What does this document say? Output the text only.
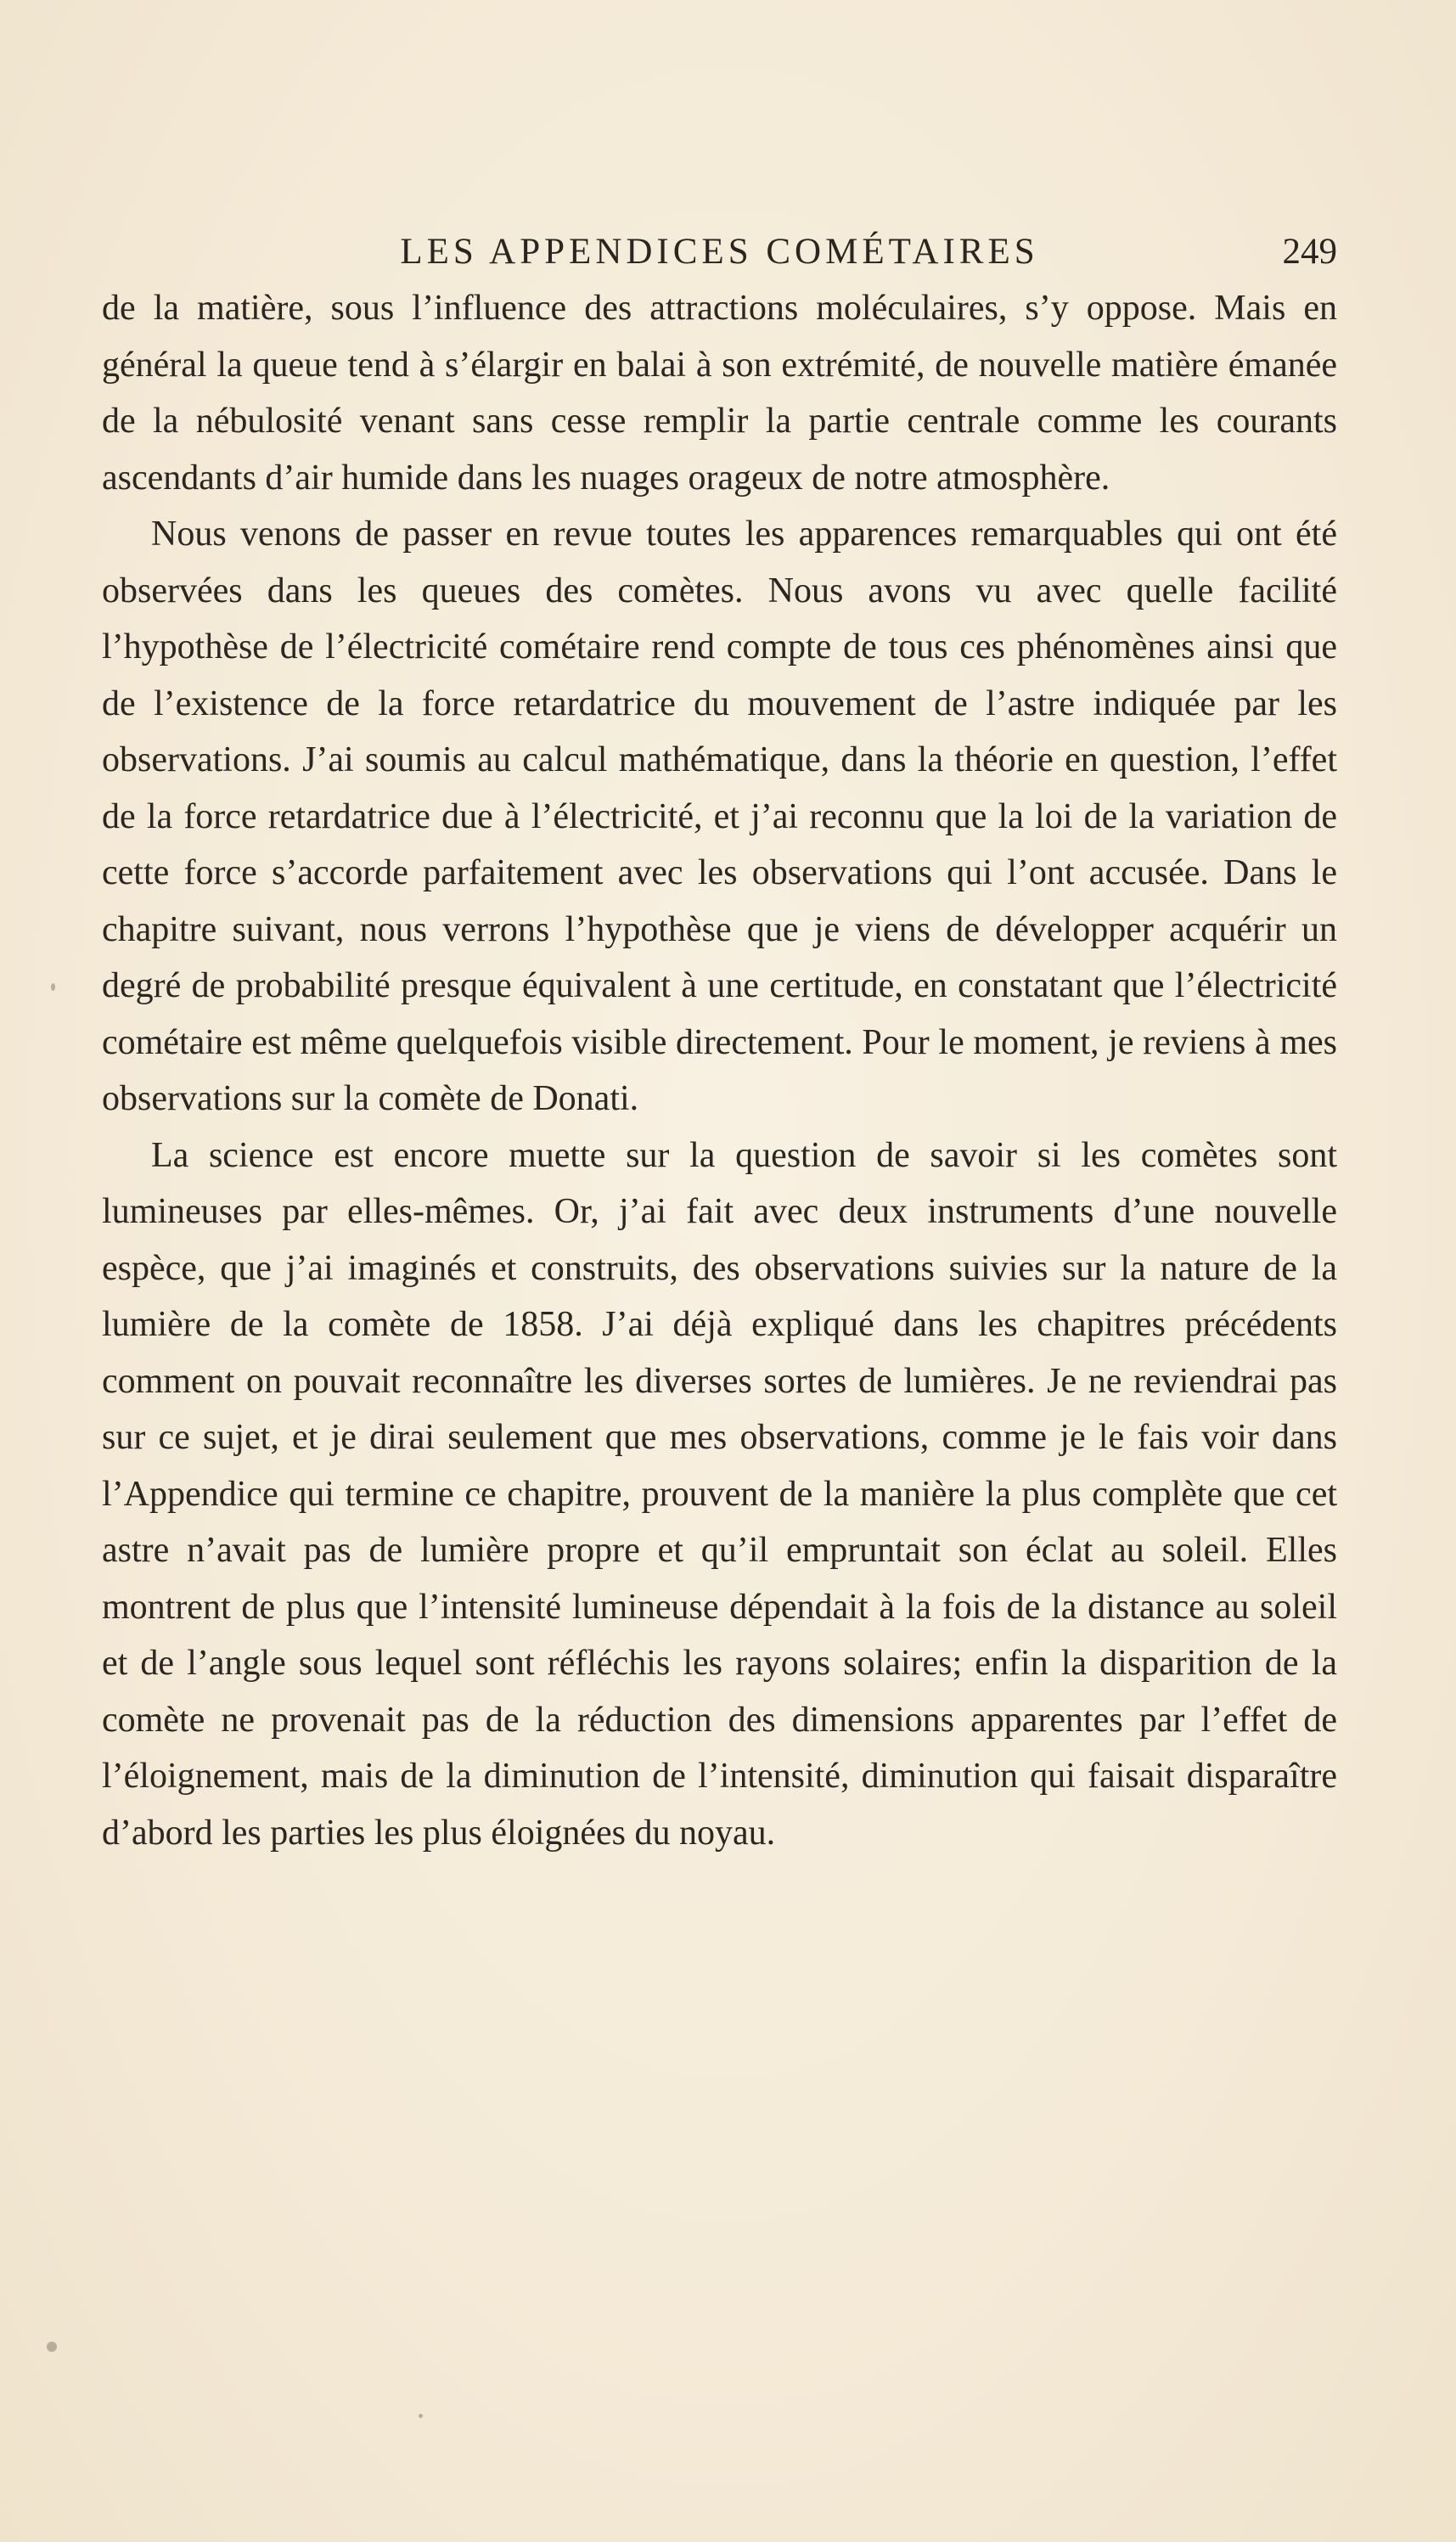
LES APPENDICES COMÉTAIRES	249

de la matière, sous l’influence des attractions moléculaires, s’y oppose. Mais en général la queue tend à s’élargir en balai à son extrémité, de nouvelle matière émanée de la nébulosité venant sans cesse remplir la partie centrale comme les courants ascendants d’air humide dans les nuages orageux de notre atmosphère.

Nous venons de passer en revue toutes les apparences remarquables qui ont été observées dans les queues des comètes. Nous avons vu avec quelle facilité l’hypothèse de l’électricité cométaire rend compte de tous ces phénomènes ainsi que de l’existence de la force retardatrice du mouvement de l’astre indiquée par les observations. J’ai soumis au calcul mathématique, dans la théorie en question, l’effet de la force retardatrice due à l’électricité, et j’ai reconnu que la loi de la variation de cette force s’accorde parfaitement avec les observations qui l’ont accusée. Dans le chapitre suivant, nous verrons l’hypothèse que je viens de développer acquérir un degré de probabilité presque équivalent à une certitude, en constatant que l’électricité cométaire est même quelquefois visible directement. Pour le moment, je reviens à mes observations sur la comète de Donati.

La science est encore muette sur la question de savoir si les comètes sont lumineuses par elles-mêmes. Or, j’ai fait avec deux instruments d’une nouvelle espèce, que j’ai imaginés et construits, des observations suivies sur la nature de la lumière de la comète de 1858. J’ai déjà expliqué dans les chapitres précédents comment on pouvait reconnaître les diverses sortes de lumières. Je ne reviendrai pas sur ce sujet, et je dirai seulement que mes observations, comme je le fais voir dans l’Appendice qui termine ce chapitre, prouvent de la manière la plus complète que cet astre n’avait pas de lumière propre et qu’il empruntait son éclat au soleil. Elles montrent de plus que l’intensité lumineuse dépendait à la fois de la distance au soleil et de l’angle sous lequel sont réfléchis les rayons solaires; enfin la disparition de la comète ne provenait pas de la réduction des dimensions apparentes par l’effet de l’éloignement, mais de la diminution de l’intensité, diminution qui faisait disparaître d’abord les parties les plus éloignées du noyau.
